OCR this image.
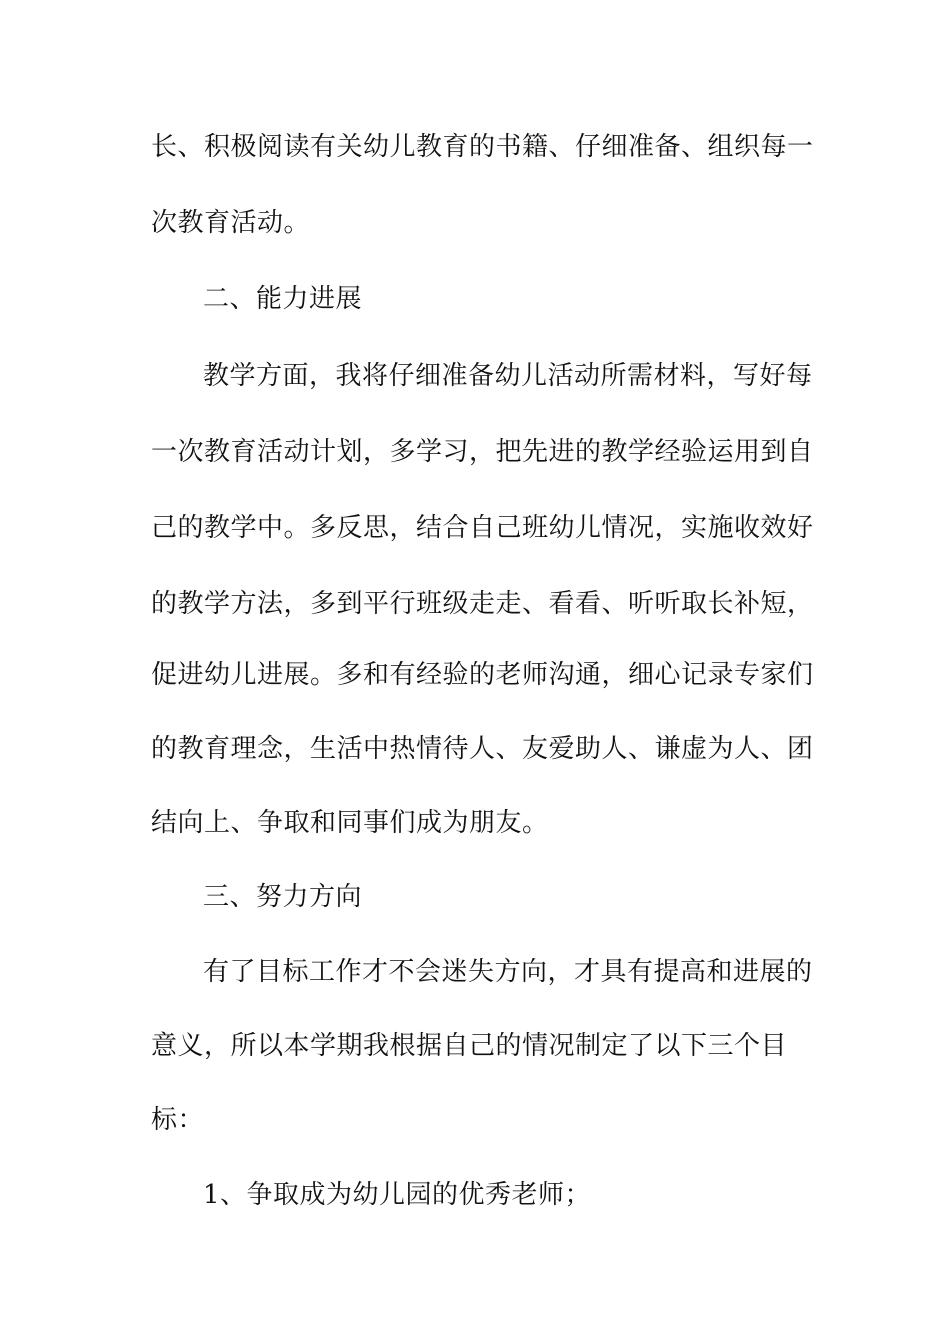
长、积极阅读有关幼儿教育的书籍、仔细准备、组织每一
次教育活动。
二、能力进展
教学方面，我将仔细准备幼儿活动所需材料，写好每
一次教育活动计划，多学习，把先进的教学经验运用到自
己的教学中。多反思，结合自己班幼儿情况，实施收效好
的教学方法，多到平行班级走走、看看、听听取长补短，
促进幼儿进展。多和有经验的老师沟通，细心记录专家们
的教育理念，生活中热情待人、友爱助人、谦虚为人、团
结向上、争取和同事们成为朋友。
三、努力方向
有了目标工作才不会迷失方向，才具有提高和进展的
意义，所以本学期我根据自己的情况制定了以下三个目
标：
1、争取成为幼儿园的优秀老师；
